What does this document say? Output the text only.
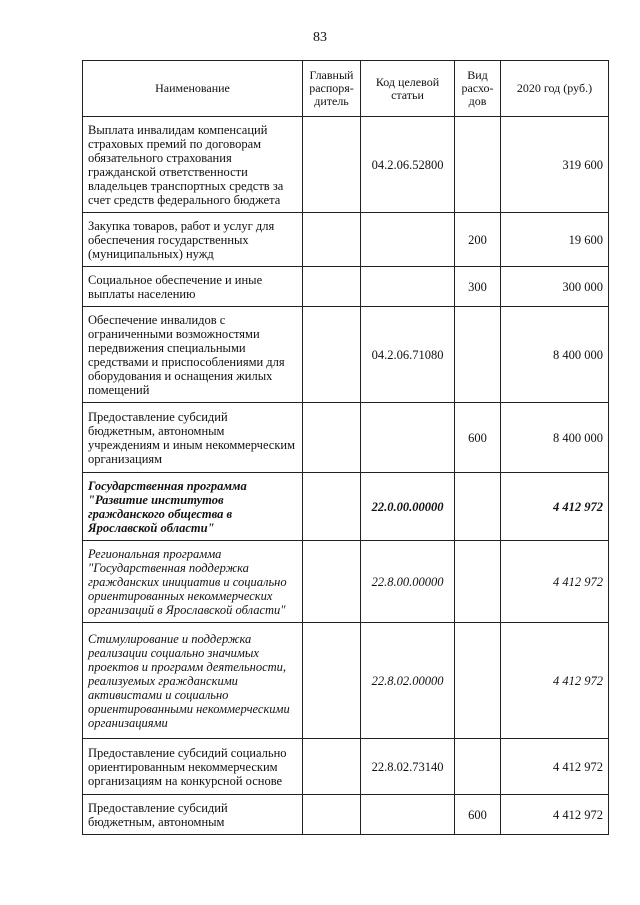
83
Наименование	Главный распоря-дитель	Код целевой статьи	Вид расхо-дов	2020 год (руб.)
Выплата инвалидам компенсаций страховых премий по договорам обязательного страхования гражданской ответственности владельцев транспортных средств за счет средств федерального бюджета		04.2.06.52800		319 600
Закупка товаров, работ и услуг для обеспечения государственных (муниципальных) нужд			200	19 600
Социальное обеспечение и иные выплаты населению			300	300 000
Обеспечение инвалидов с ограниченными возможностями передвижения специальными средствами и приспособлениями для оборудования и оснащения жилых помещений		04.2.06.71080		8 400 000
Предоставление субсидий бюджетным, автономным учреждениям и иным некоммерческим организациям			600	8 400 000
Государственная программа "Развитие институтов гражданского общества в Ярославской области"		22.0.00.00000		4 412 972
Региональная программа "Государственная поддержка гражданских инициатив и социально ориентированных некоммерческих организаций в Ярославской области"		22.8.00.00000		4 412 972
Стимулирование и поддержка реализации социально значимых проектов и программ деятельности, реализуемых гражданскими активистами и социально ориентированными некоммерческими организациями		22.8.02.00000		4 412 972
Предоставление субсидий социально ориентированным некоммерческим организациям на конкурсной основе		22.8.02.73140		4 412 972
Предоставление субсидий бюджетным, автономным			600	4 412 972
